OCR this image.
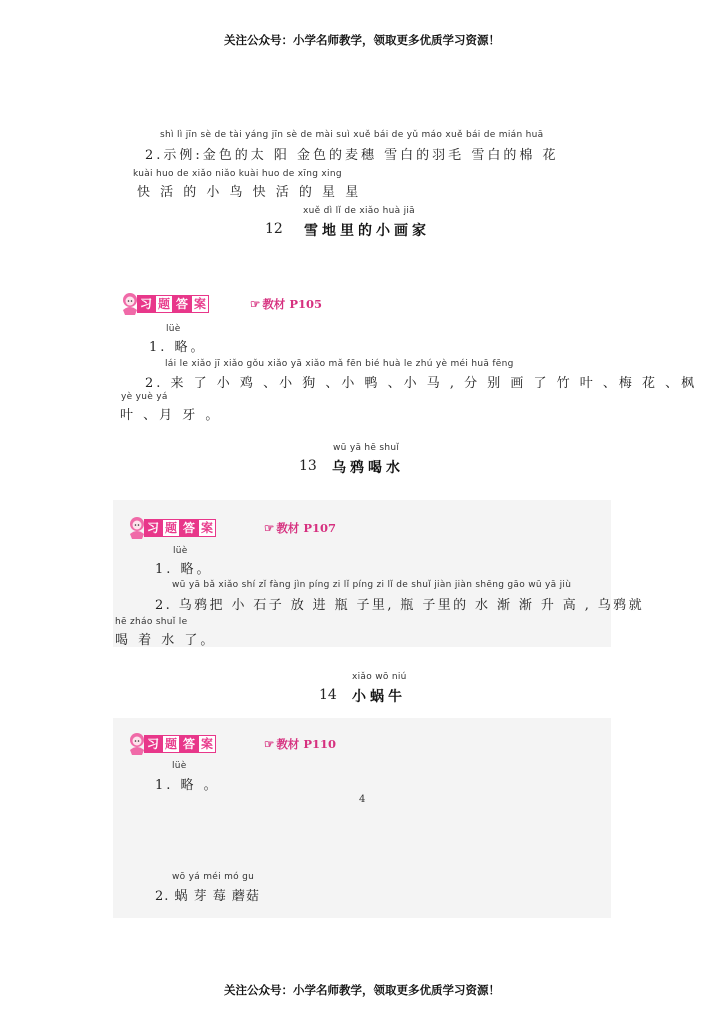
关注公众号：小学名师教学，领取更多优质学习资源！
shì lì jīn sè de tài yáng jīn sè de mài suì xuě bái de yǔ máo xuě bái de mián huā
2.示例:金色的太 阳 金色的麦穗 雪白的羽毛 雪白的棉 花
kuài huo de xiǎo niǎo kuài huo de xīng xing
快 活 的 小 鸟 快 活 的 星 星
xuě dì lǐ de xiǎo huà jiā
12 雪地里的小画家
习 题 答 案	☞ 教材 P105
lüè
1. 略。
lái le xiǎo jī xiǎo gǒu xiǎo yā xiǎo mǎ fēn bié huà le zhú yè méi huā fēng
2. 来 了 小 鸡 、小 狗 、小 鸭 、小 马 , 分 别 画 了 竹 叶 、梅 花 、枫
yè yuè yá
叶 、月 牙 。
wū yā hē shuǐ
13 乌鸦喝水
习 题 答 案	☞ 教材 P107
lüè
1. 略。
wū yā bǎ xiǎo shí zǐ fàng jìn píng zi lǐ píng zi lǐ de shuǐ jiàn jiàn shēng gāo wū yā jiù
2. 乌鸦把 小 石子 放 进 瓶 子里, 瓶 子里的 水 渐 渐 升 高 , 乌鸦就
hē zháo shuǐ le
喝 着 水 了。
xiǎo wō niú
14 小蜗牛
习 题 答 案	☞ 教材 P110
lüè
1. 略 。
4
wō yá méi mó gu
2. 蜗 芽 莓 蘑菇
关注公众号：小学名师教学，领取更多优质学习资源！
